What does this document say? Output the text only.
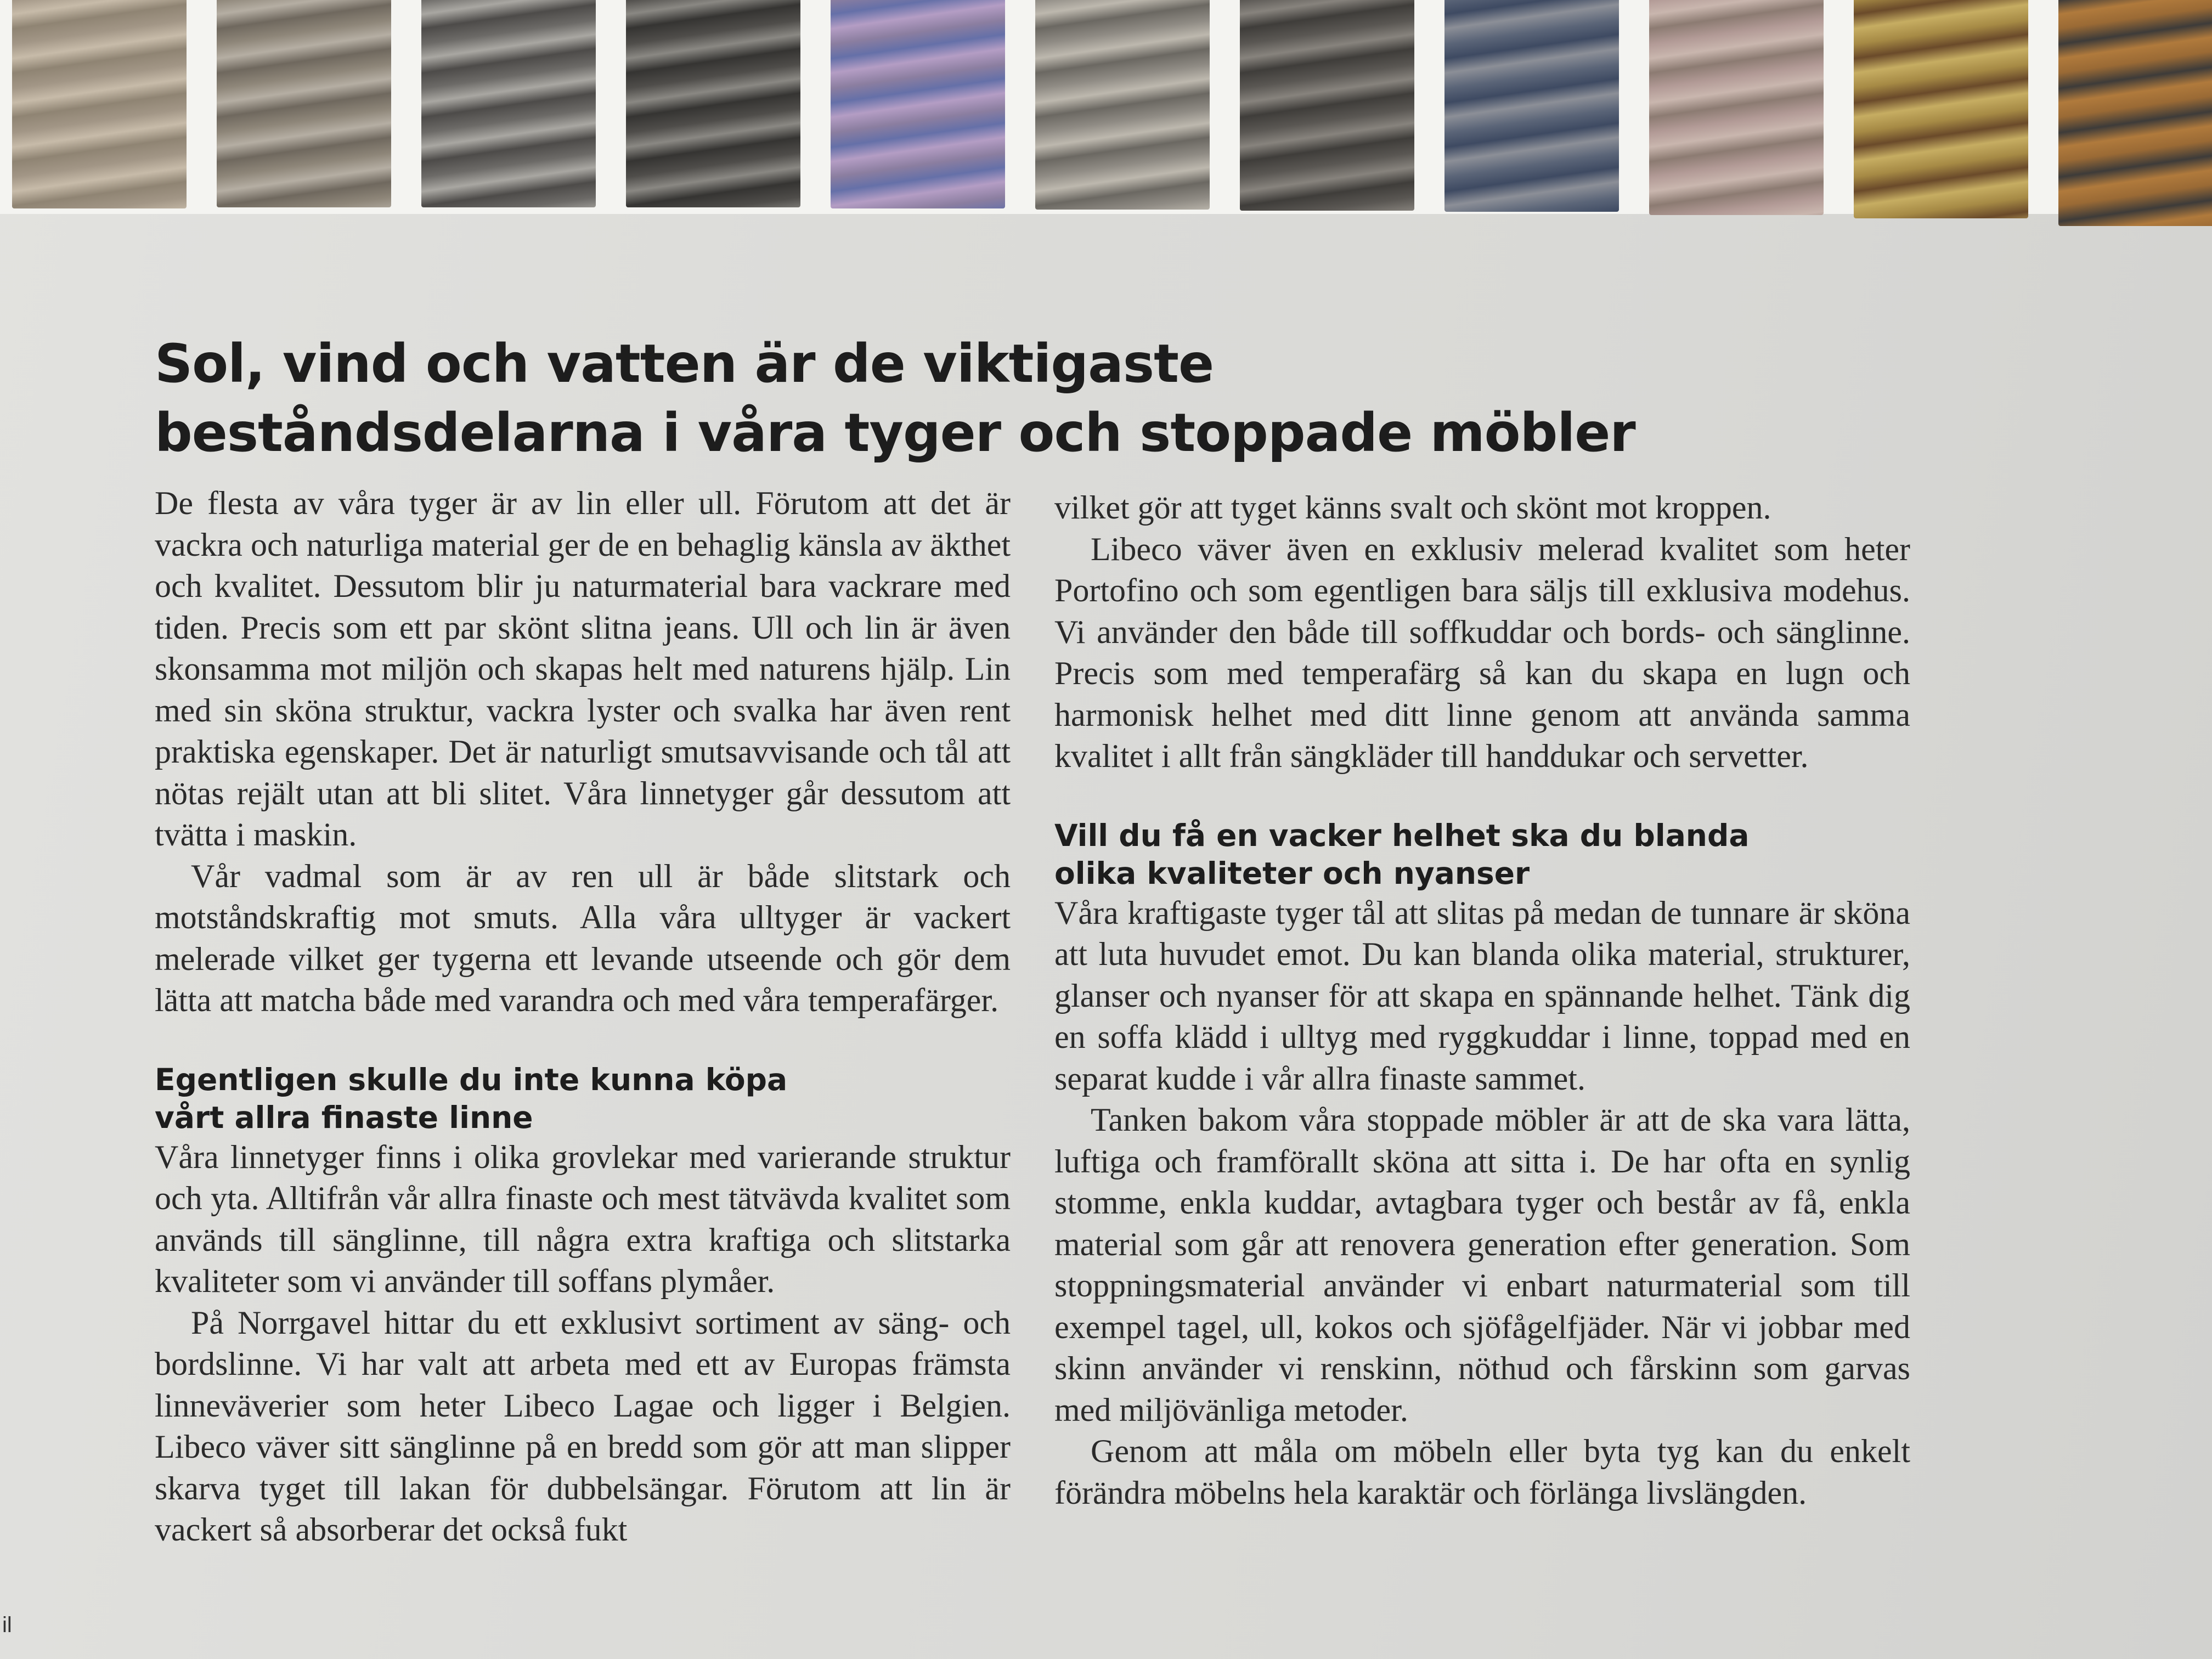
Sol, vind och vatten är de viktigaste
beståndsdelarna i våra tyger och stoppade möbler

De flesta av våra tyger är av lin eller ull. Förutom att det är vackra och naturliga material ger de en behaglig känsla av äkthet och kvalitet. Dessutom blir ju naturmaterial bara vackrare med tiden. Precis som ett par skönt slitna jeans. Ull och lin är även skonsamma mot miljön och skapas helt med naturens hjälp. Lin med sin sköna struktur, vackra lyster och svalka har även rent praktiska egenskaper. Det är naturligt smutsavvisande och tål att nötas rejält utan att bli slitet. Våra linnetyger går dessutom att tvätta i maskin.

Vår vadmal som är av ren ull är både slitstark och motståndskraftig mot smuts. Alla våra ulltyger är vackert melerade vilket ger tygerna ett levande utseende och gör dem lätta att matcha både med varandra och med våra temperafärger.

Egentligen skulle du inte kunna köpa
vårt allra finaste linne

Våra linnetyger finns i olika grovlekar med varierande struktur och yta. Alltifrån vår allra finaste och mest tätvävda kvalitet som används till sänglinne, till några extra kraftiga och slitstarka kvaliteter som vi använder till soffans plymåer.

På Norrgavel hittar du ett exklusivt sortiment av säng- och bordslinne. Vi har valt att arbeta med ett av Europas främsta linneväverier som heter Libeco Lagae och ligger i Belgien. Libeco väver sitt sänglinne på en bredd som gör att man slipper skarva tyget till lakan för dubbelsängar. Förutom att lin är vackert så absorberar det också fukt

vilket gör att tyget känns svalt och skönt mot kroppen.

Libeco väver även en exklusiv melerad kvalitet som heter Portofino och som egentligen bara säljs till exklusiva modehus. Vi använder den både till soffkuddar och bords- och sänglinne. Precis som med temperafärg så kan du skapa en lugn och harmonisk helhet med ditt linne genom att använda samma kvalitet i allt från sängkläder till handdukar och servetter.

Vill du få en vacker helhet ska du blanda
olika kvaliteter och nyanser

Våra kraftigaste tyger tål att slitas på medan de tunnare är sköna att luta huvudet emot. Du kan blanda olika material, strukturer, glanser och nyanser för att skapa en spännande helhet. Tänk dig en soffa klädd i ulltyg med ryggkuddar i linne, toppad med en separat kudde i vår allra finaste sammet.

Tanken bakom våra stoppade möbler är att de ska vara lätta, luftiga och framförallt sköna att sitta i. De har ofta en synlig stomme, enkla kuddar, avtagbara tyger och består av få, enkla material som går att renovera generation efter generation. Som stoppningsmaterial använder vi enbart naturmaterial som till exempel tagel, ull, kokos och sjöfågelfjäder. När vi jobbar med skinn använder vi renskinn, nöthud och fårskinn som garvas med miljövänliga metoder.

Genom att måla om möbeln eller byta tyg kan du enkelt förändra möbelns hela karaktär och förlänga livslängden.

il
